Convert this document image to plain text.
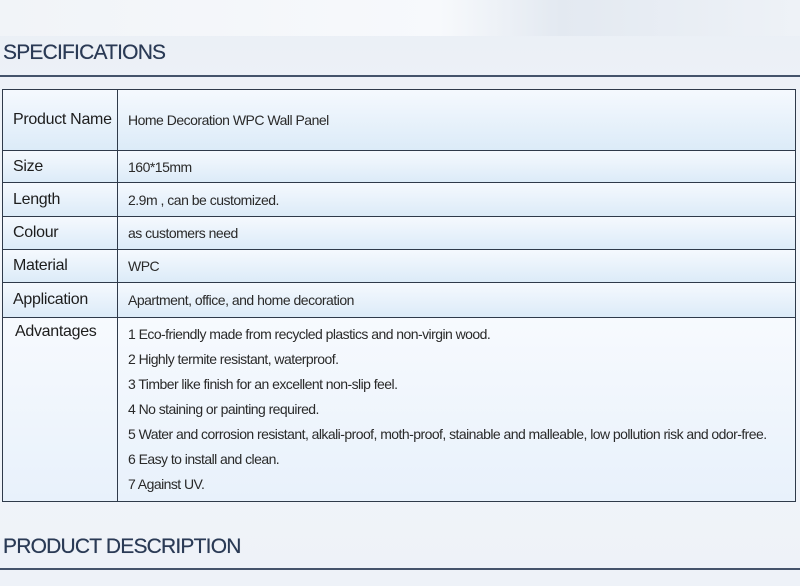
SPECIFICATIONS
Product Name	Home Decoration WPC Wall Panel
Size	160*15mm
Length	2.9m , can be customized.
Colour	as customers need
Material	WPC
Application	Apartment, office, and home decoration
Advantages	1 Eco-friendly made from recycled plastics and non-virgin wood.
2 Highly termite resistant, waterproof.
3 Timber like finish for an excellent non-slip feel.
4 No staining or painting required.
5 Water and corrosion resistant, alkali-proof, moth-proof, stainable and malleable, low pollution risk and odor-free.
6 Easy to install and clean.
7 Against UV.
PRODUCT DESCRIPTION
